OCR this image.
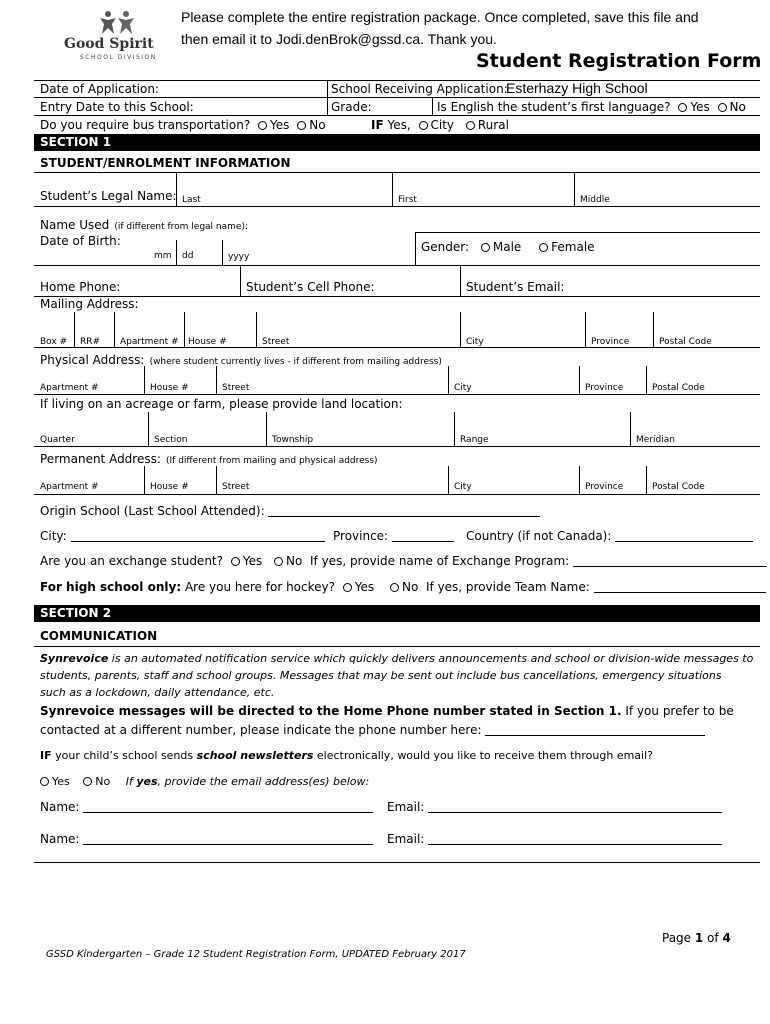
Good Spirit
SCHOOL DIVISION
Please complete the entire registration package. Once completed, save this file and
then email it to Jodi.denBrok@gssd.ca. Thank you.
Student Registration Form
Date of Application:	School Receiving Application:
Esterhazy High School
Entry Date to this School:	Grade:	Is English the student’s first language? Yes No
Do you require bus transportation? Yes No	IF Yes, City Rural
SECTION 1
STUDENT/ENROLMENT INFORMATION
Student’s Legal Name: Last	First	Middle
Name Used (if different from legal name):
Date of Birth:
mm dd	yyyy
Gender: Male Female
Home Phone:	Student’s Cell Phone:	Student’s Email:
Mailing Address:
Box # RR# Apartment # House #	Street	City	Province	Postal Code
Physical Address: (where student currently lives - if different from mailing address)
Apartment #	House #	Street	City	Province	Postal Code
If living on an acreage or farm, please provide land location:
Quarter	Section	Township	Range	Meridian
Permanent Address: (If different from mailing and physical address)
Apartment #	House #	Street	City	Province	Postal Code
Origin School (Last School Attended):
City:	Province:	Country (if not Canada):
Are you an exchange student? Yes No If yes, provide name of Exchange Program:
For high school only: Are you here for hockey? Yes No If yes, provide Team Name:
SECTION 2
COMMUNICATION
Synrevoice is an automated notification service which quickly delivers announcements and school or division-wide messages to
students, parents, staff and school groups. Messages that may be sent out include bus cancellations, emergency situations
such as a lockdown, daily attendance, etc.
Synrevoice messages will be directed to the Home Phone number stated in Section 1. If you prefer to be
contacted at a different number, please indicate the phone number here:
IF your child’s school sends school newsletters electronically, would you like to receive them through email?
Yes No If yes, provide the email address(es) below:
Name:	Email:
Name:	Email:
Page 1 of 4
GSSD Kindergarten – Grade 12 Student Registration Form, UPDATED February 2017
